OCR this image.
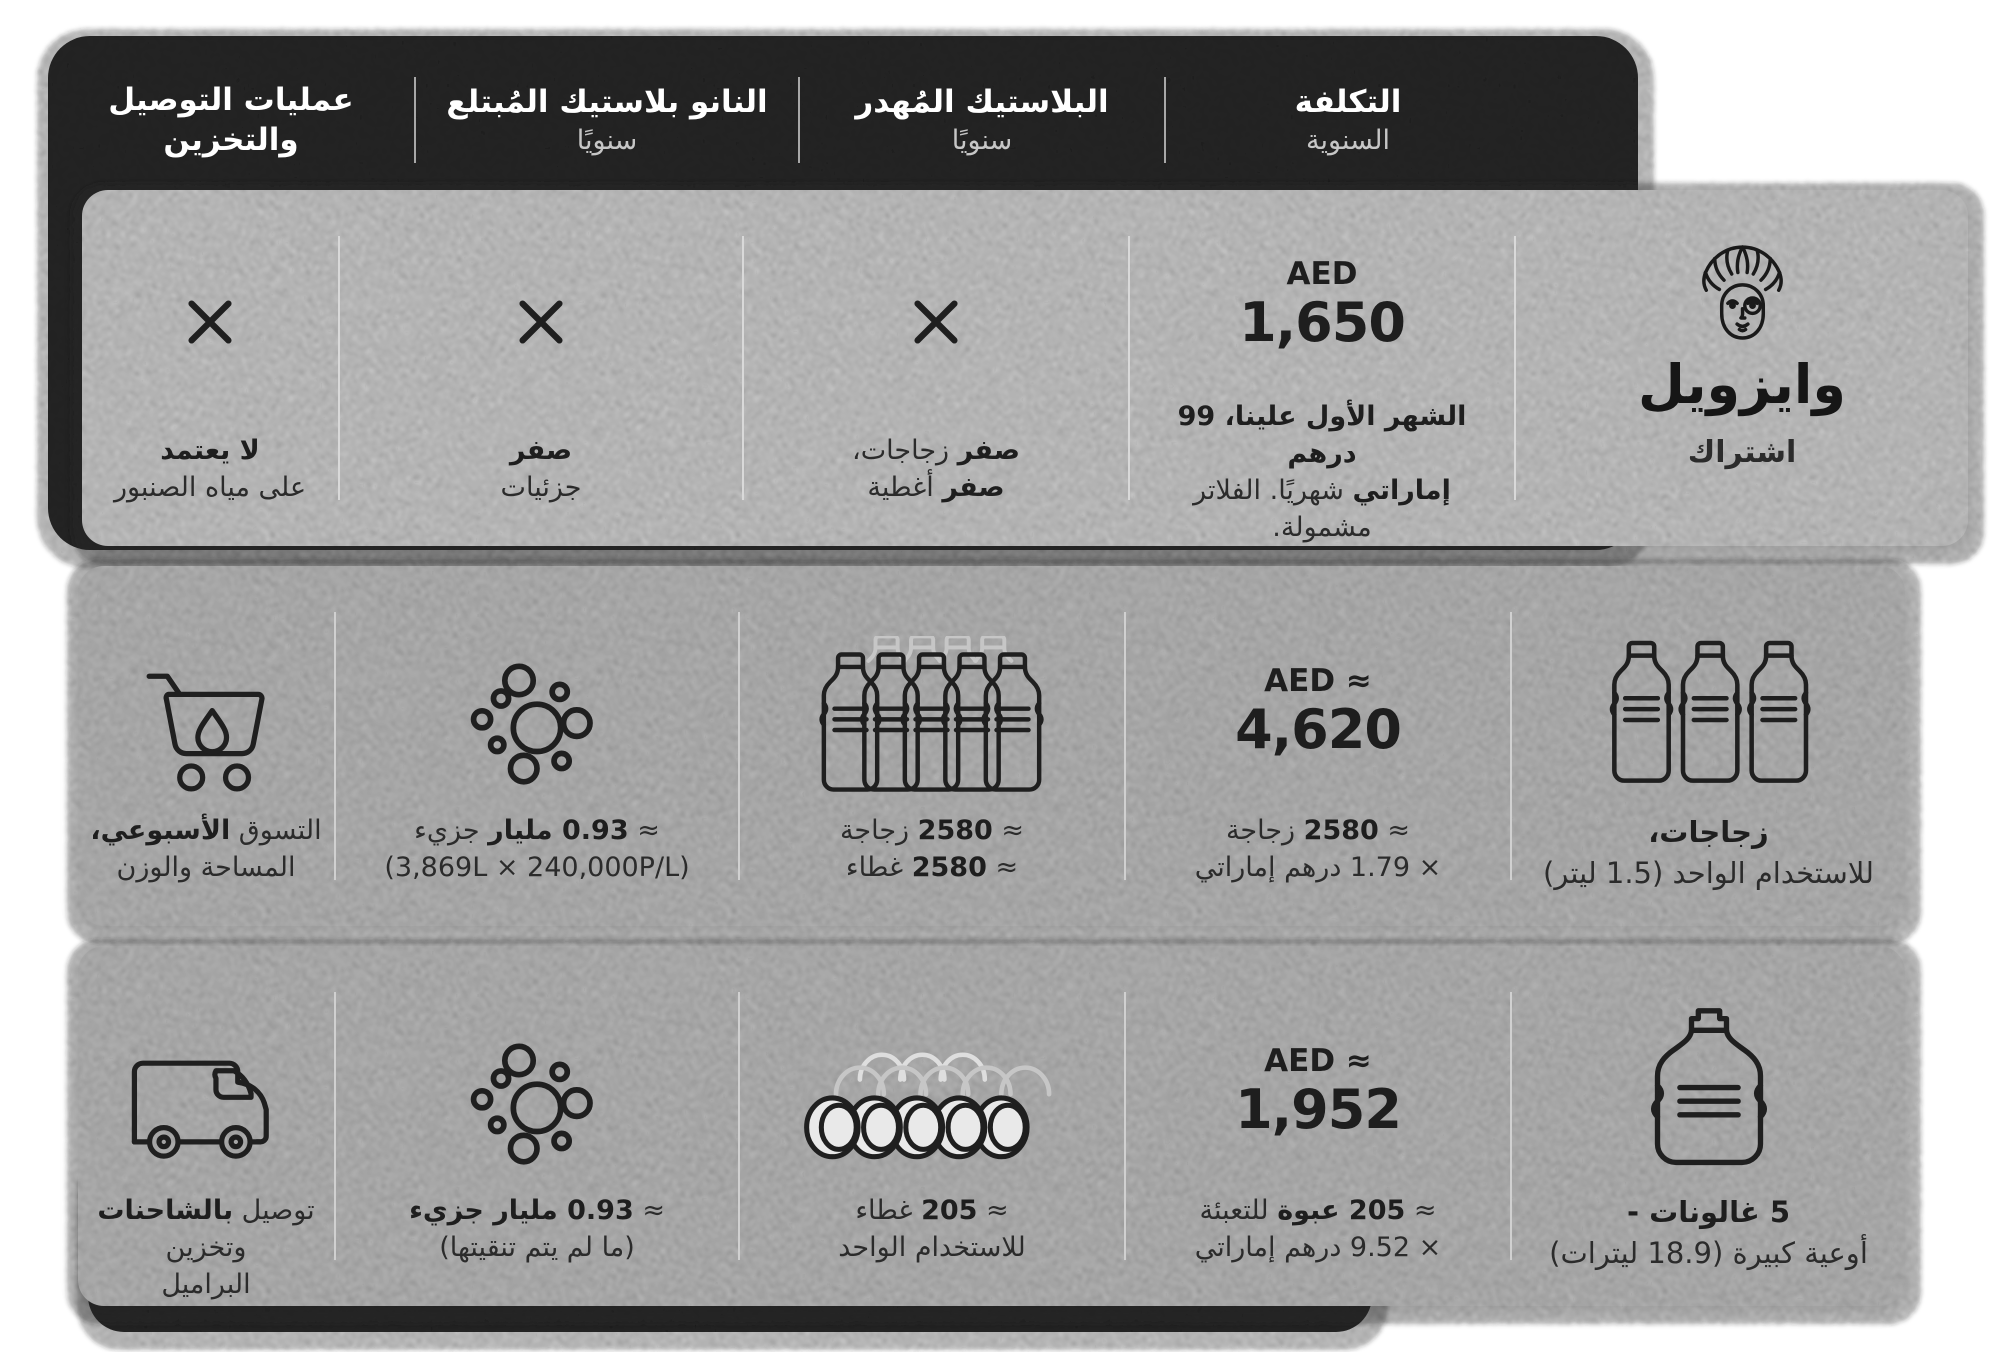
التكلفة
السنوية
البلاستيك المُهدر
سنويًا
النانو بلاستيك المُبتلع
سنويًا
عمليات التوصيل
والتخزين
وايزويل
اشتراك
AED
1,650
الشهر الأول علينا، 99 درهم
إماراتي شهريًا. الفلاتر مشمولة.
صفر زجاجات،
صفر أغطية
صفر
جزئيات
لا يعتمد
على مياه الصنبور
زجاجات،
للاستخدام الواحد (1.5 ليتر)
AED ≈
4,620
≈ 2580 زجاجة
× 1.79 درهم إماراتي
≈ 2580 زجاجة
≈ 2580 غطاء
≈ 0.93 مليار جزيء
(3,869L × 240,000P/L)
التسوق الأسبوعي،
المساحة والوزن
5 غالونات -
أوعية كبيرة (18.9 ليترات)
AED ≈
1,952
≈ 205 عبوة للتعبئة
× 9.52 درهم إماراتي
≈ 205 غطاء
للاستخدام الواحد
≈ 0.93 مليار جزيء
(ما لم يتم تنقيتها)
توصيل بالشاحنات وتخزين
البراميل
